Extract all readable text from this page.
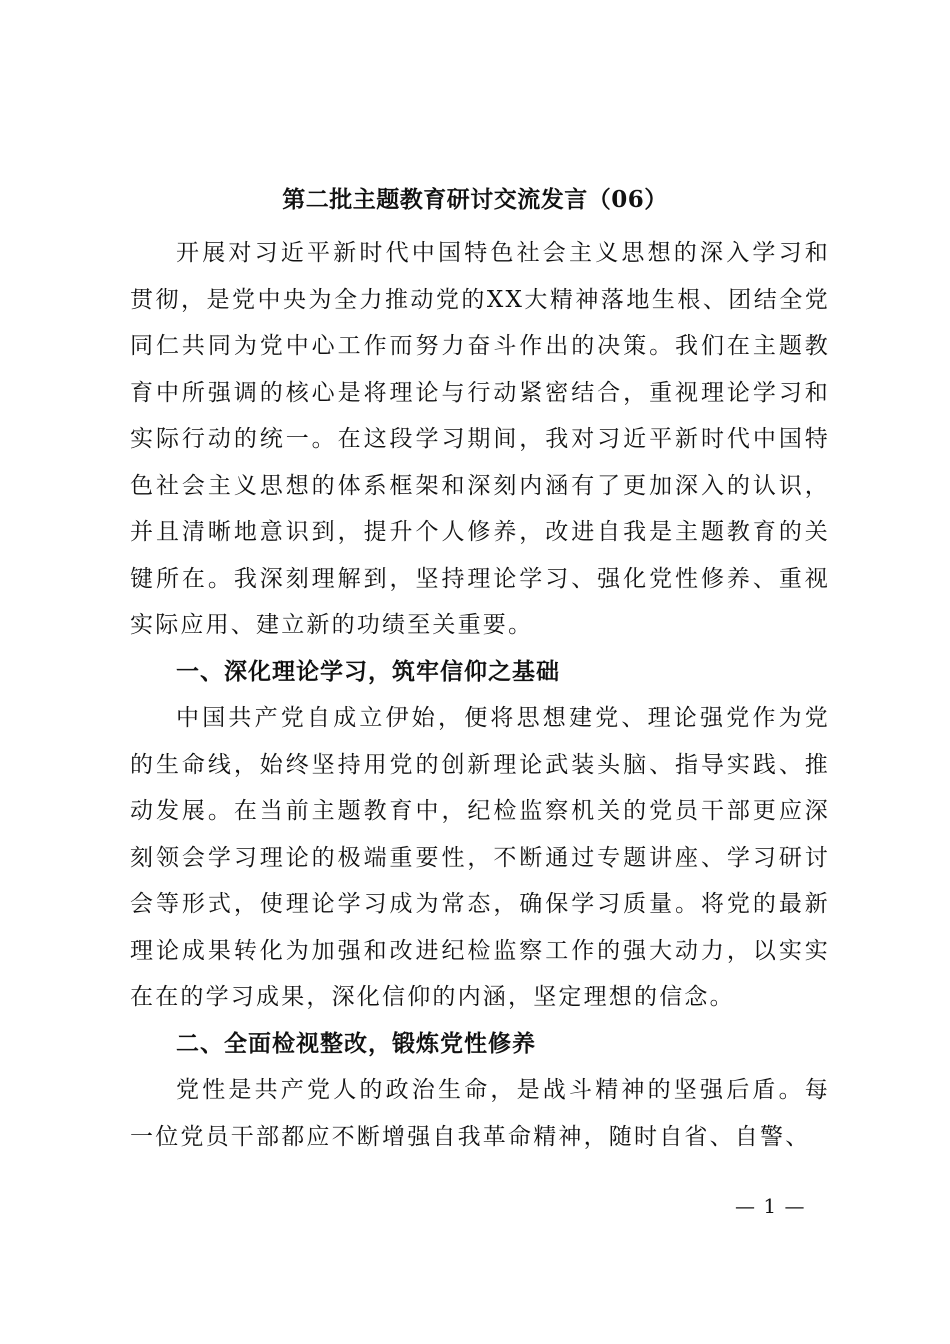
第二批主题教育研讨交流发言（06）

开展对习近平新时代中国特色社会主义思想的深入学习和贯彻，是党中央为全力推动党的XX大精神落地生根、团结全党同仁共同为党中心工作而努力奋斗作出的决策。我们在主题教育中所强调的核心是将理论与行动紧密结合，重视理论学习和实际行动的统一。在这段学习期间，我对习近平新时代中国特色社会主义思想的体系框架和深刻内涵有了更加深入的认识，并且清晰地意识到，提升个人修养，改进自我是主题教育的关键所在。我深刻理解到，坚持理论学习、强化党性修养、重视实际应用、建立新的功绩至关重要。

一、深化理论学习，筑牢信仰之基础

中国共产党自成立伊始，便将思想建党、理论强党作为党的生命线，始终坚持用党的创新理论武装头脑、指导实践、推动发展。在当前主题教育中，纪检监察机关的党员干部更应深刻领会学习理论的极端重要性，不断通过专题讲座、学习研讨会等形式，使理论学习成为常态，确保学习质量。将党的最新理论成果转化为加强和改进纪检监察工作的强大动力，以实实在在的学习成果，深化信仰的内涵，坚定理想的信念。

二、全面检视整改，锻炼党性修养

党性是共产党人的政治生命，是战斗精神的坚强后盾。每一位党员干部都应不断增强自我革命精神，随时自省、自警、

— 1 —
